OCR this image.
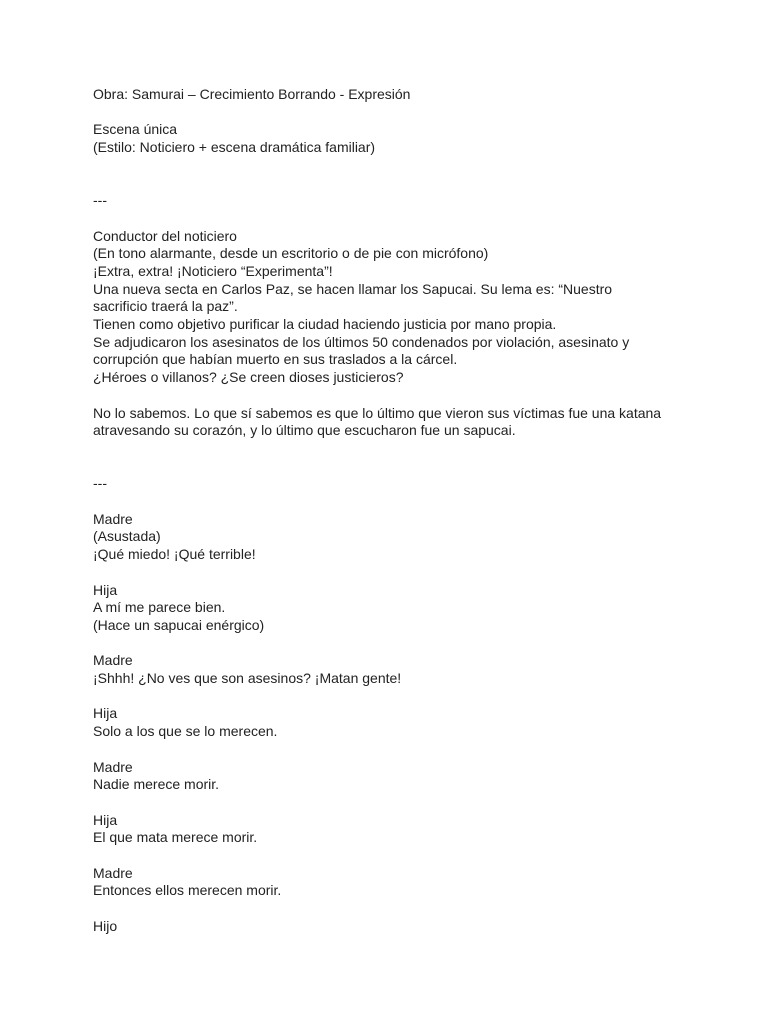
Obra: Samurai – Crecimiento Borrando - Expresión
Escena única
(Estilo: Noticiero + escena dramática familiar)
---
Conductor del noticiero
(En tono alarmante, desde un escritorio o de pie con micrófono)
¡Extra, extra! ¡Noticiero “Experimenta”!
Una nueva secta en Carlos Paz, se hacen llamar los Sapucai. Su lema es: “Nuestro
sacrificio traerá la paz”.
Tienen como objetivo purificar la ciudad haciendo justicia por mano propia.
Se adjudicaron los asesinatos de los últimos 50 condenados por violación, asesinato y
corrupción que habían muerto en sus traslados a la cárcel.
¿Héroes o villanos? ¿Se creen dioses justicieros?
No lo sabemos. Lo que sí sabemos es que lo último que vieron sus víctimas fue una katana
atravesando su corazón, y lo último que escucharon fue un sapucai.
---
Madre
(Asustada)
¡Qué miedo! ¡Qué terrible!
Hija
A mí me parece bien.
(Hace un sapucai enérgico)
Madre
¡Shhh! ¿No ves que son asesinos? ¡Matan gente!
Hija
Solo a los que se lo merecen.
Madre
Nadie merece morir.
Hija
El que mata merece morir.
Madre
Entonces ellos merecen morir.
Hijo
